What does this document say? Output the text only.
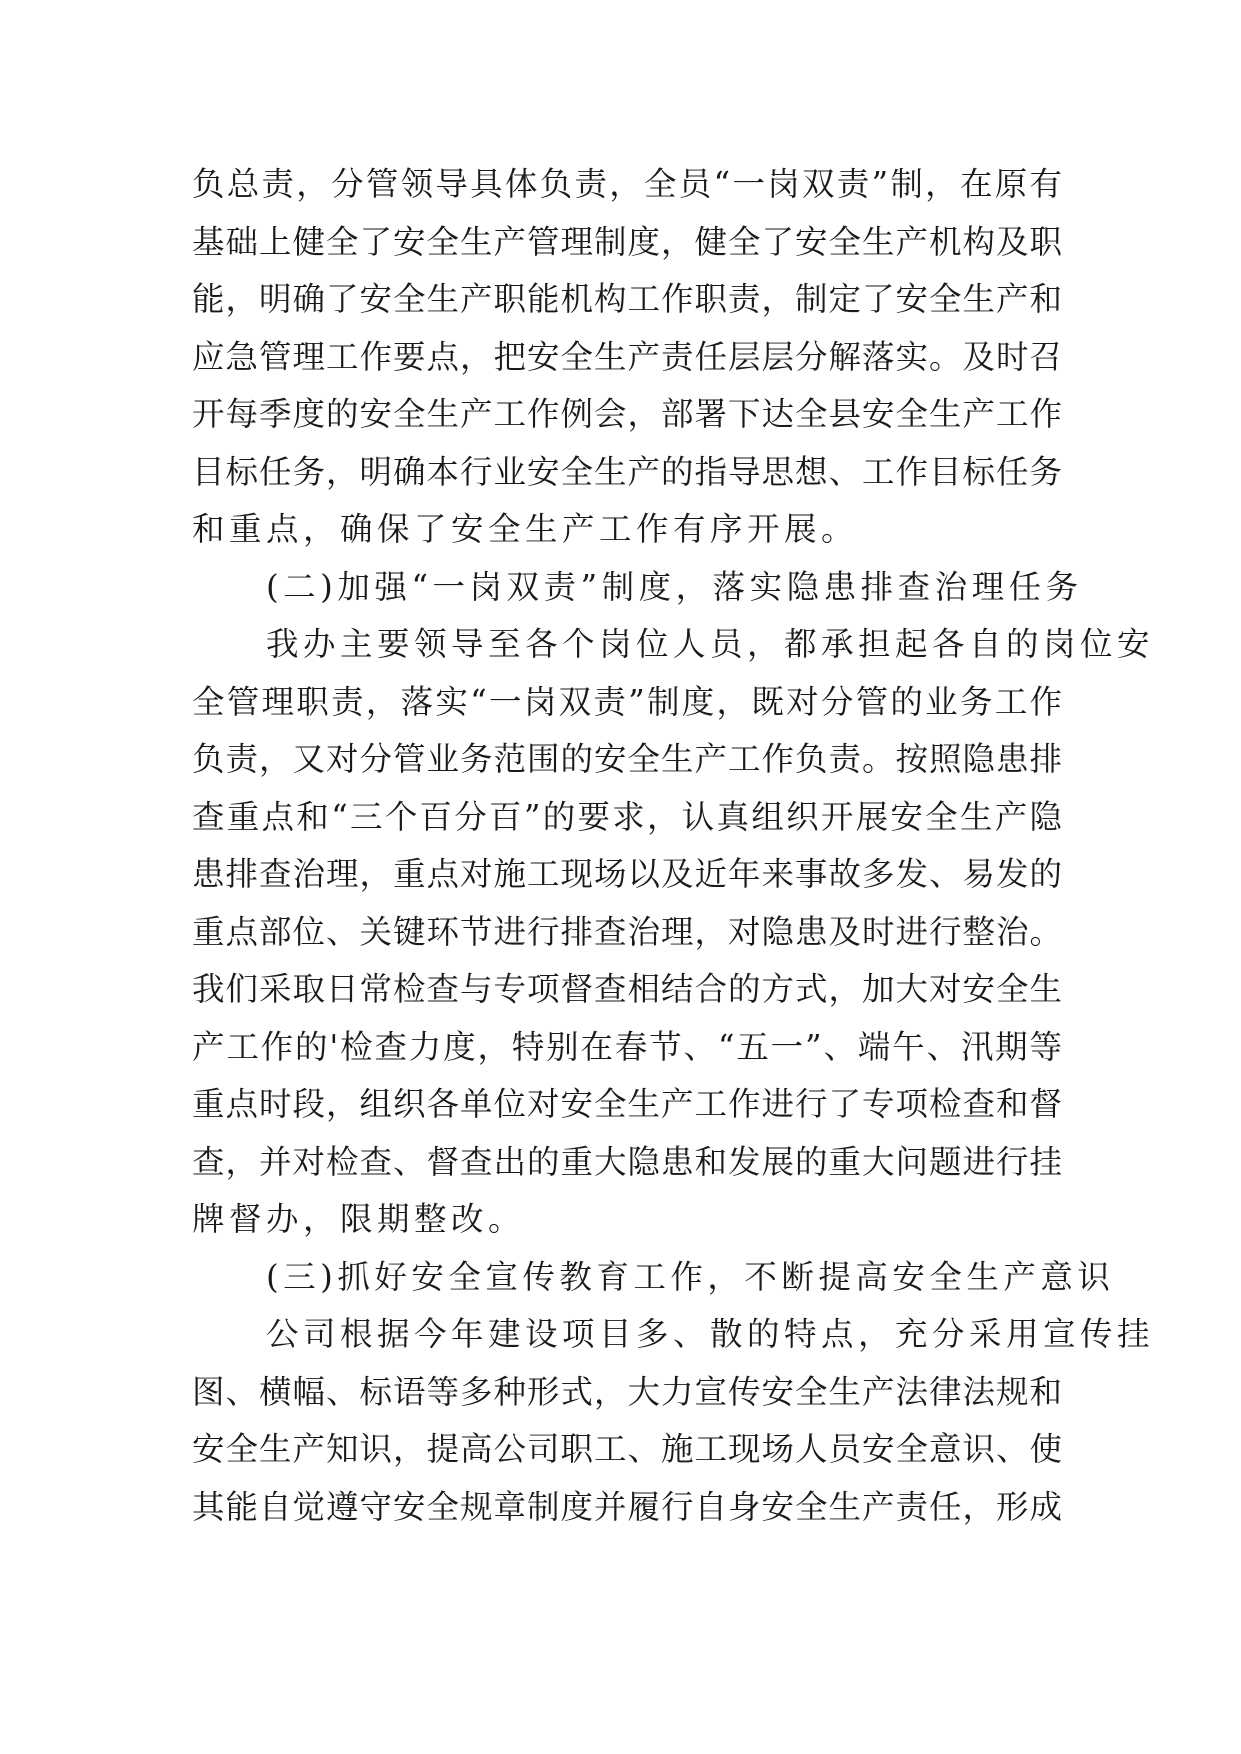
负总责，分管领导具体负责，全员“一岗双责”制，在原有
基础上健全了安全生产管理制度，健全了安全生产机构及职
能，明确了安全生产职能机构工作职责，制定了安全生产和
应急管理工作要点，把安全生产责任层层分解落实。及时召
开每季度的安全生产工作例会，部署下达全县安全生产工作
目标任务，明确本行业安全生产的指导思想、工作目标任务
和重点，确保了安全生产工作有序开展。
　　(二)加强“一岗双责”制度，落实隐患排查治理任务
　　我办主要领导至各个岗位人员，都承担起各自的岗位安
全管理职责，落实“一岗双责”制度，既对分管的业务工作
负责，又对分管业务范围的安全生产工作负责。按照隐患排
查重点和“三个百分百”的要求，认真组织开展安全生产隐
患排查治理，重点对施工现场以及近年来事故多发、易发的
重点部位、关键环节进行排查治理，对隐患及时进行整治。
我们采取日常检查与专项督查相结合的方式，加大对安全生
产工作的'检查力度，特别在春节、“五一”、端午、汛期等
重点时段，组织各单位对安全生产工作进行了专项检查和督
查，并对检查、督查出的重大隐患和发展的重大问题进行挂
牌督办，限期整改。
　　(三)抓好安全宣传教育工作，不断提高安全生产意识
　　公司根据今年建设项目多、散的特点，充分采用宣传挂
图、横幅、标语等多种形式，大力宣传安全生产法律法规和
安全生产知识，提高公司职工、施工现场人员安全意识、使
其能自觉遵守安全规章制度并履行自身安全生产责任，形成
